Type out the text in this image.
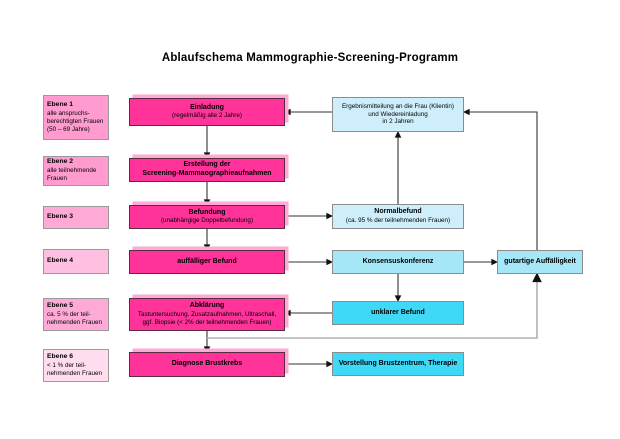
Ablaufschema Mammographie-Screening-Programm
Ebene 1
alle anspruchs-
berechtigten Frauen
(50 – 69 Jahre)
Ebene 2
alle teilnehmende
Frauen
Ebene 3
Ebene 4
Ebene 5
ca. 5 % der teil-
nehmenden Frauen
Ebene 6
< 1 % der teil-
nehmenden Frauen
Einladung
(regelmäßig alle 2 Jahre)
Erstellung der
Screening-Mammaographieaufnahmen
Befundung
(unabhängige Doppelbefundung)
auffälliger Befund
Abklärung
Tastuntersuchung, Zusatzaufnahmen, Ultraschall,
ggf. Biopsie (< 2% der teilnehmenden Frauen)
Diagnose Brustkrebs
Ergebnismitteilung an die Frau (Klientin)
und Wiedereinladung
in 2 Jahren
Normalbefund
(ca. 95 % der teilnehmenden Frauen)
Konsensuskonferenz
unklarer Befund
Vorstellung Brustzentrum, Therapie
gutartige Auffälligkeit
